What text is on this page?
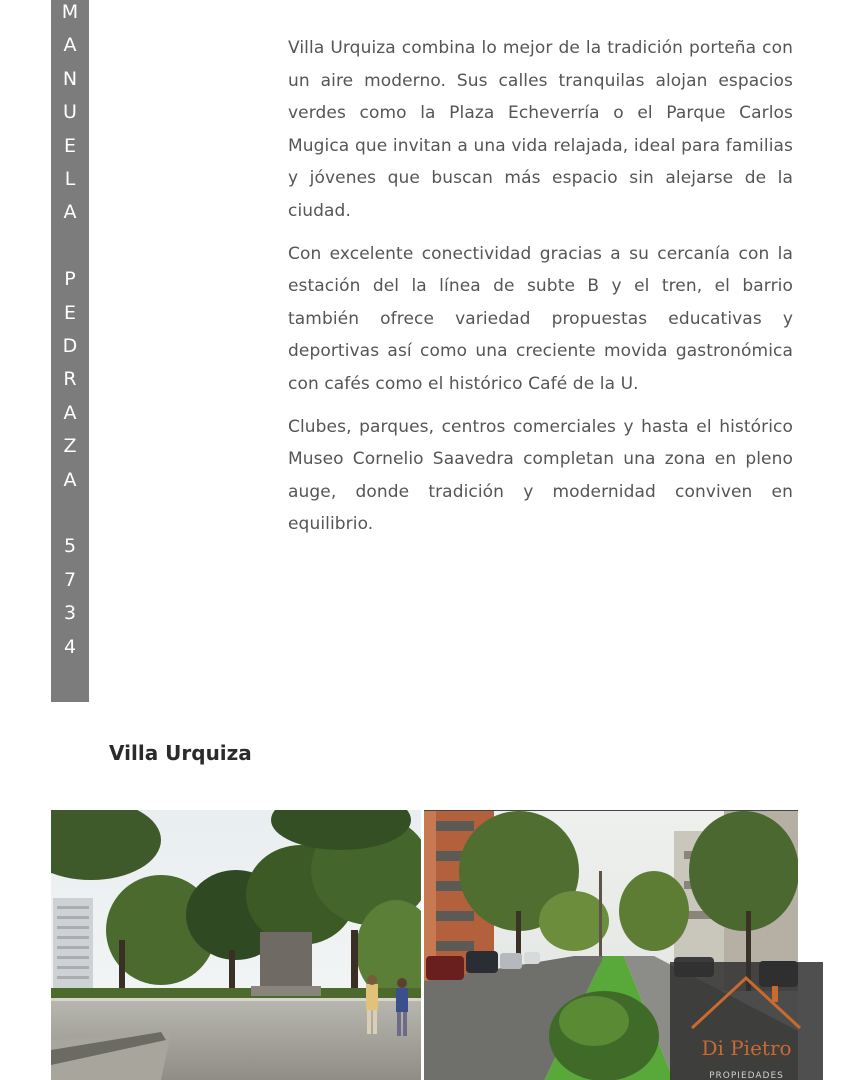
M
A
N
U
E
L
A
P
E
D
R
A
Z
A
5
7
3
4

Villa Urquiza combina lo mejor de la tradición porteña con un aire moderno. Sus calles tranquilas alojan espacios verdes como la Plaza Echeverría o el Parque Carlos Mugica que invitan a una vida relajada, ideal para familias y jóvenes que buscan más espacio sin alejarse de la ciudad.

Con excelente conectividad gracias a su cercanía con la estación del la línea de subte B y el tren, el barrio también ofrece variedad propuestas educativas y deportivas así como una creciente movida gastronómica con cafés como el histórico Café de la U.

Clubes, parques, centros comerciales y hasta el histórico Museo Cornelio Saavedra completan una zona en pleno auge, donde tradición y modernidad conviven en equilibrio.

Villa Urquiza
Di Pietro
PROPIEDADES
